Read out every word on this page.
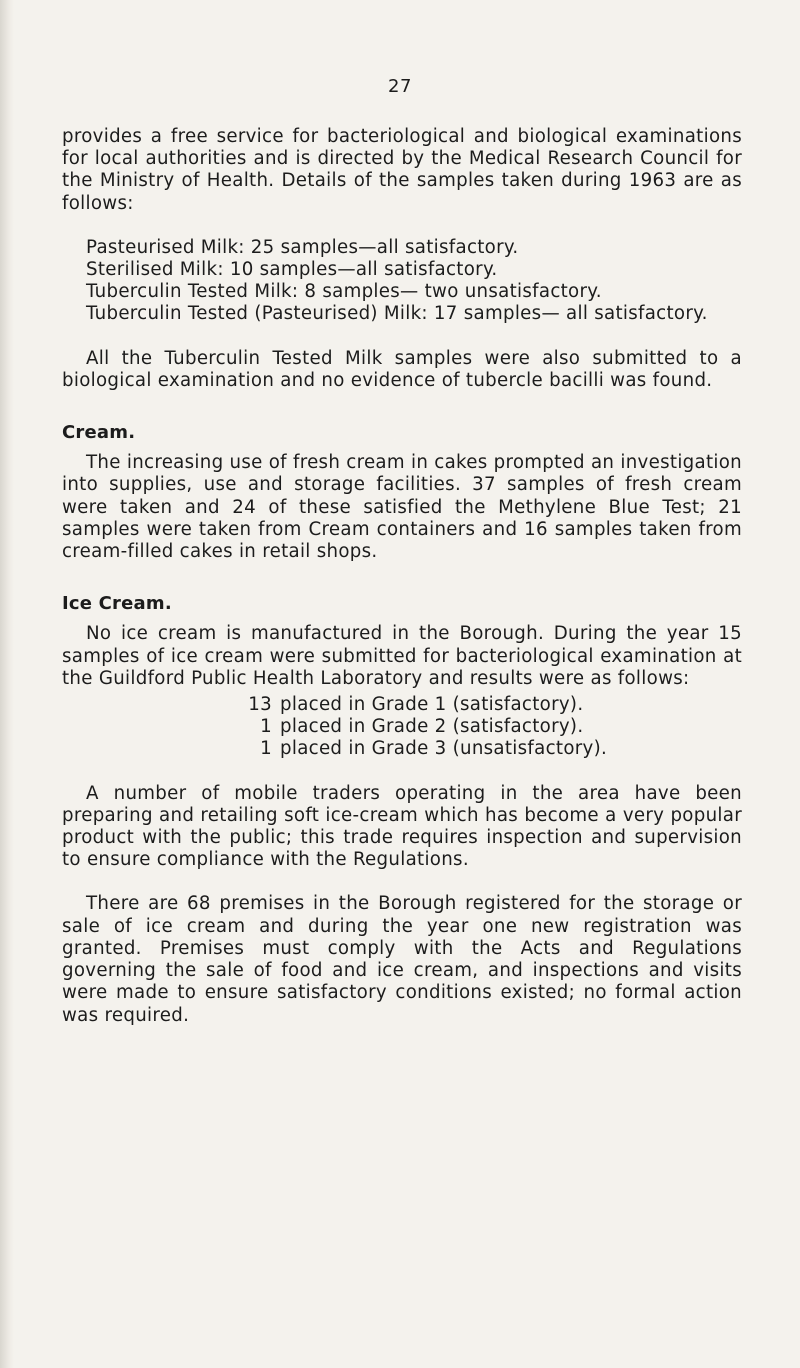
27

provides a free service for bacteriological and biological examinations for local authorities and is directed by the Medical Research Council for the Ministry of Health. Details of the samples taken during 1963 are as follows:

Pasteurised Milk: 25 samples—all satisfactory.
Sterilised Milk: 10 samples—all satisfactory.
Tuberculin Tested Milk: 8 samples— two unsatisfactory.
Tuberculin Tested (Pasteurised) Milk: 17 samples— all satisfactory.

All the Tuberculin Tested Milk samples were also submitted to a biological examination and no evidence of tubercle bacilli was found.

Cream.

The increasing use of fresh cream in cakes prompted an investigation into supplies, use and storage facilities. 37 samples of fresh cream were taken and 24 of these satisfied the Methylene Blue Test; 21 samples were taken from Cream containers and 16 samples taken from cream-filled cakes in retail shops.

Ice Cream.

No ice cream is manufactured in the Borough. During the year 15 samples of ice cream were submitted for bacteriological examination at the Guildford Public Health Laboratory and results were as follows:

13 placed in Grade 1 (satisfactory).
1 placed in Grade 2 (satisfactory).
1 placed in Grade 3 (unsatisfactory).

A number of mobile traders operating in the area have been preparing and retailing soft ice-cream which has become a very popular product with the public; this trade requires inspection and supervision to ensure compliance with the Regulations.

There are 68 premises in the Borough registered for the storage or sale of ice cream and during the year one new registration was granted. Premises must comply with the Acts and Regulations governing the sale of food and ice cream, and inspections and visits were made to ensure satisfactory conditions existed; no formal action was required.
